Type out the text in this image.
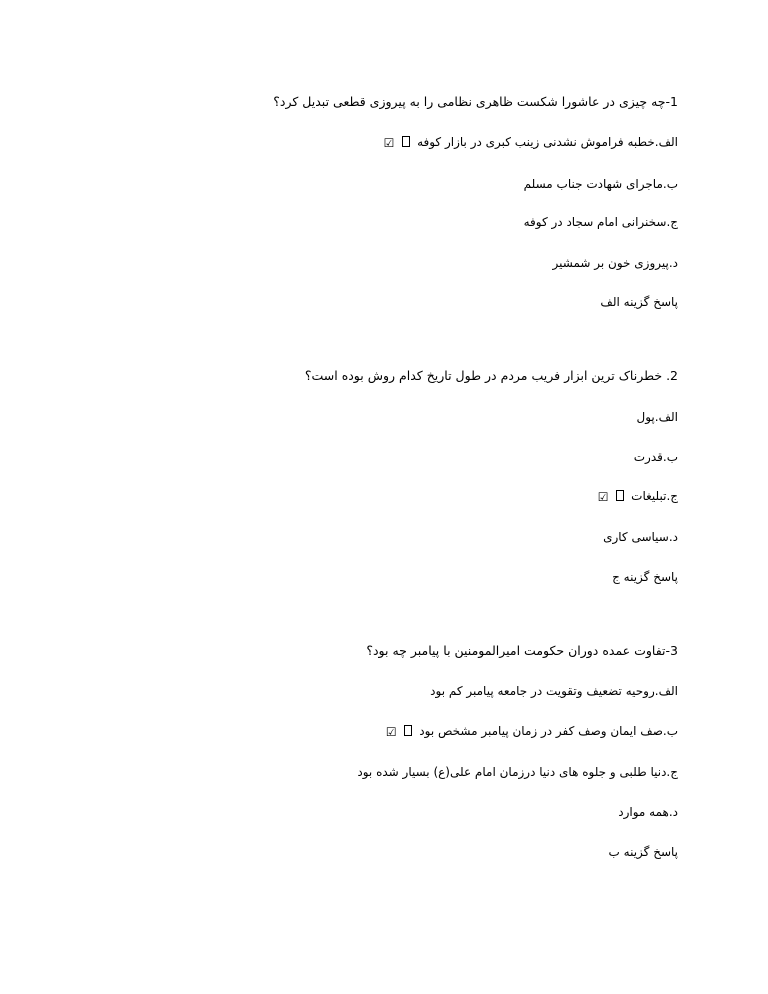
1-چه چیزی در عاشورا شکست ظاهری نظامی را به پیروزی قطعی تبدیل کرد؟
الف.خطبه فراموش نشدنی زینب کبری در بازار کوفه  ☑
ب.ماجرای شهادت جناب مسلم
ج.سخنرانی امام سجاد در کوفه
د.پیروزی خون بر شمشیر
پاسخ گزینه الف
2. خطرناک ترین ابزار فریب مردم در طول تاریخ کدام روش بوده است؟
الف.پول
ب.قدرت
ج.تبلیغات  ☑
د.سیاسی کاری
پاسخ گزینه ج
3-تفاوت عمده دوران حکومت امیرالمومنین با پیامبر چه بود؟
الف.روحیه تضعیف وتقویت در جامعه پیامبر کم بود
ب.صف ایمان وصف کفر در زمان پیامبر مشخص بود  ☑
ج.دنیا طلبی و جلوه های دنیا درزمان امام علی(ع) بسیار شده بود
د.همه موارد
پاسخ گزینه ب
